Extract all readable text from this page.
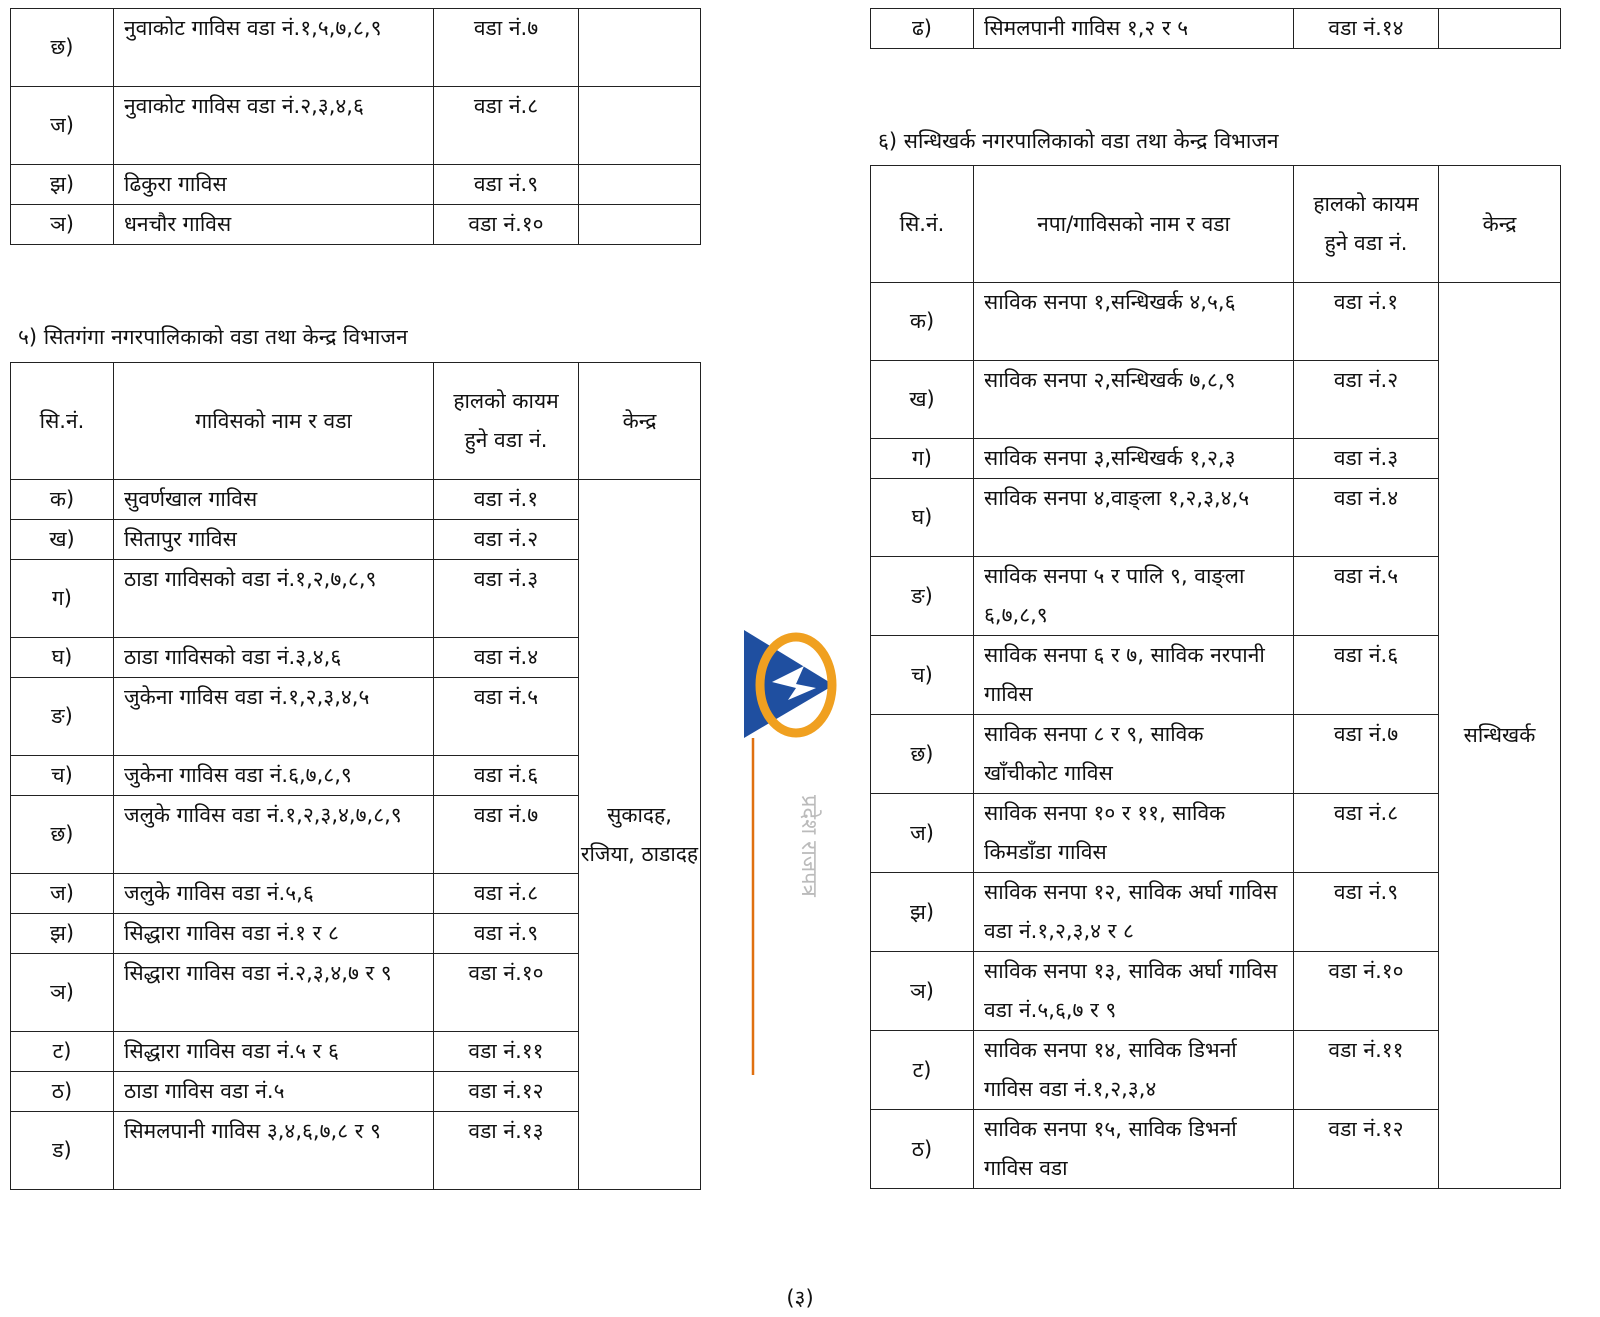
छ)	नुवाकोट गाविस वडा नं.१,५,७,८,९	वडा नं.७	
ज)	नुवाकोट गाविस वडा नं.२,३,४,६	वडा नं.८	
झ)	ढिकुरा गाविस	वडा नं.९	
ञ)	धनचौर गाविस	वडा नं.१०	
५) सितगंगा नगरपालिकाको वडा तथा केन्द्र विभाजन
सि.नं.	गाविसको नाम र वडा	हालको कायम हुने वडा नं.	केन्द्र
क)	सुवर्णखाल गाविस	वडा नं.१	सुकादह, रजिया, ठाडादह
ख)	सितापुर गाविस	वडा नं.२	
ग)	ठाडा गाविसको वडा नं.१,२,७,८,९	वडा नं.३	
घ)	ठाडा गाविसको वडा नं.३,४,६	वडा नं.४	
ङ)	जुकेना गाविस वडा नं.१,२,३,४,५	वडा नं.५	
च)	जुकेना गाविस वडा नं.६,७,८,९	वडा नं.६	
छ)	जलुके गाविस वडा नं.१,२,३,४,७,८,९	वडा नं.७	
ज)	जलुके गाविस वडा नं.५,६	वडा नं.८	
झ)	सिद्धारा गाविस वडा नं.१ र ८	वडा नं.९	
ञ)	सिद्धारा गाविस वडा नं.२,३,४,७ र ९	वडा नं.१०	
ट)	सिद्धारा गाविस वडा नं.५ र ६	वडा नं.११	
ठ)	ठाडा गाविस वडा नं.५	वडा नं.१२	
ड)	सिमलपानी गाविस ३,४,६,७,८ र ९	वडा नं.१३	
ढ)	सिमलपानी गाविस १,२ र ५	वडा नं.१४	
६) सन्धिखर्क नगरपालिकाको वडा तथा केन्द्र विभाजन
सि.नं.	नपा/गाविसको नाम र वडा	हालको कायम हुने वडा नं.	केन्द्र
क)	साविक सनपा १,सन्धिखर्क ४,५,६	वडा नं.१	सन्धिखर्क
ख)	साविक सनपा २,सन्धिखर्क ७,८,९	वडा नं.२	
ग)	साविक सनपा ३,सन्धिखर्क १,२,३	वडा नं.३	
घ)	साविक सनपा ४,वाङ्ला १,२,३,४,५	वडा नं.४	
ङ)	साविक सनपा ५ र पालि ९, वाङ्ला ६,७,८,९	वडा नं.५	
च)	साविक सनपा ६ र ७, साविक नरपानी गाविस	वडा नं.६	
छ)	साविक सनपा ८ र ९, साविक खाँचीकोट गाविस	वडा नं.७	
ज)	साविक सनपा १० र ११, साविक किमडाँडा गाविस	वडा नं.८	
झ)	साविक सनपा १२, साविक अर्घा गाविस वडा नं.१,२,३,४ र ८	वडा नं.९	
ञ)	साविक सनपा १३, साविक अर्घा गाविस वडा नं.५,६,७ र ९	वडा नं.१०	
ट)	साविक सनपा १४, साविक डिभर्ना गाविस वडा नं.१,२,३,४	वडा नं.११	
ठ)	साविक सनपा १५, साविक डिभर्ना गाविस वडा	वडा नं.१२	
प्रदेश राजपत्र
(३)
